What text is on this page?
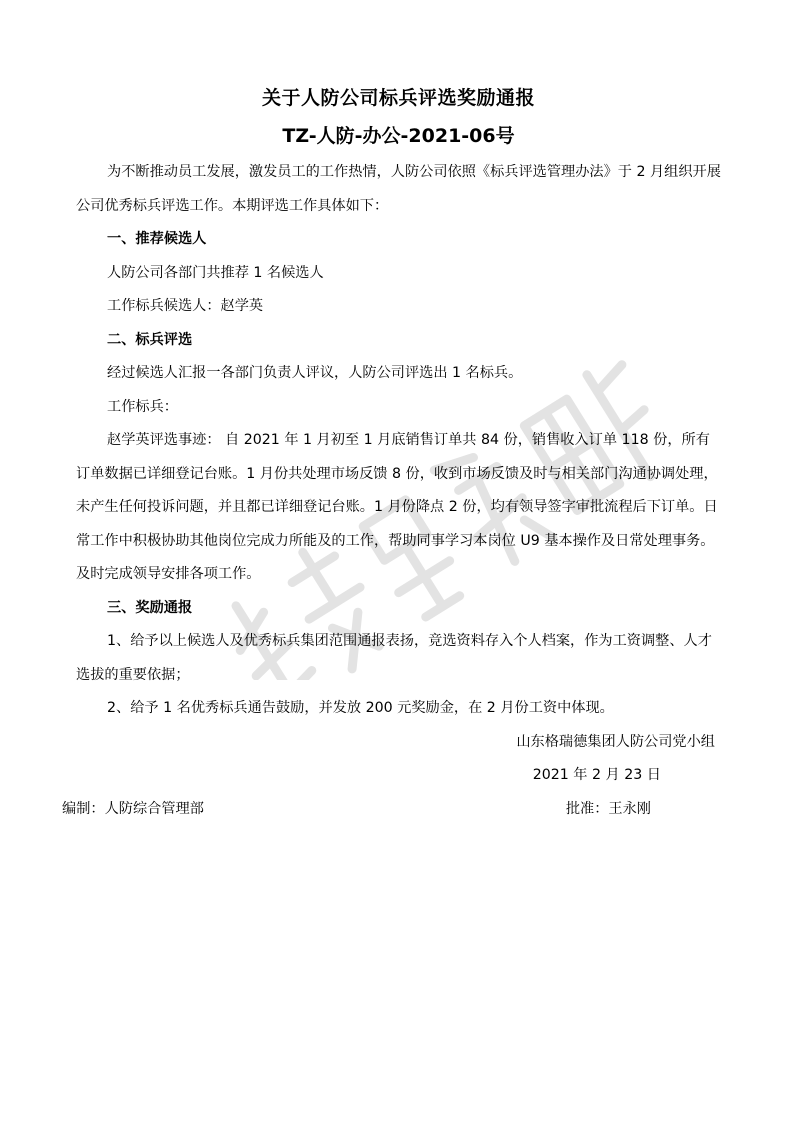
关于人防公司标兵评选奖励通报
TZ-人防-办公-2021-06号

为不断推动员工发展，激发员工的工作热情，人防公司依照《标兵评选管理办法》于 2 月组织开展公司优秀标兵评选工作。本期评选工作具体如下：

一、推荐候选人

人防公司各部门共推荐 1 名候选人

工作标兵候选人：赵学英

二、标兵评选

经过候选人汇报一各部门负责人评议，人防公司评选出 1 名标兵。

工作标兵：

赵学英评选事迹： 自 2021 年 1 月初至 1 月底销售订单共 84 份，销售收入订单 118 份，所有订单数据已详细登记台账。1 月份共处理市场反馈 8 份，收到市场反馈及时与相关部门沟通协调处理，未产生任何投诉问题，并且都已详细登记台账。1 月份降点 2 份，均有领导签字审批流程后下订单。日常工作中积极协助其他岗位完成力所能及的工作，帮助同事学习本岗位 U9 基本操作及日常处理事务。及时完成领导安排各项工作。

三、奖励通报

1、给予以上候选人及优秀标兵集团范围通报表扬，竞选资料存入个人档案，作为工资调整、人才选拔的重要依据；

2、给予 1 名优秀标兵通告鼓励，并发放 200 元奖励金，在 2 月份工资中体现。

山东格瑞德集团人防公司党小组

2021 年 2 月 23 日

编制：人防综合管理部	批准：王永刚
